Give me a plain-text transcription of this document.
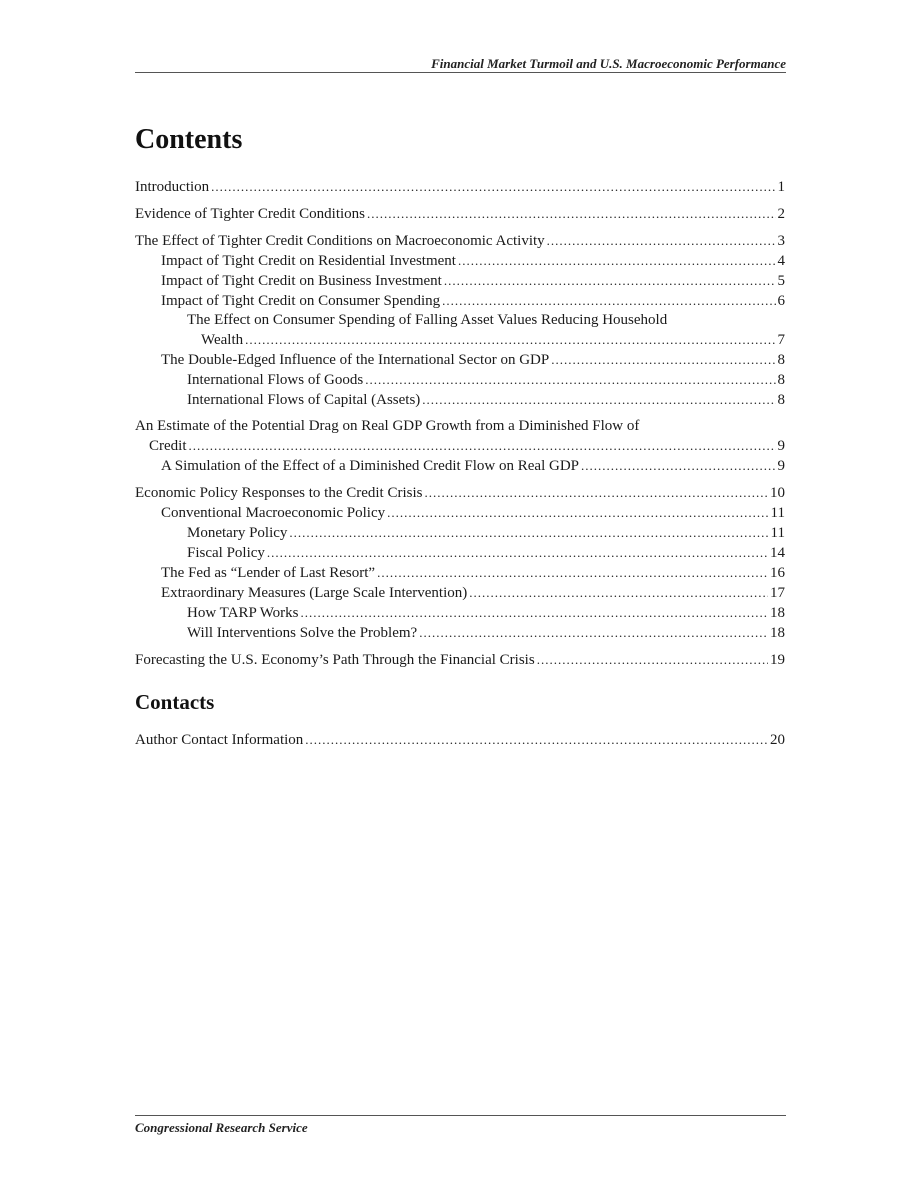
Financial Market Turmoil and U.S. Macroeconomic Performance
Contents
Introduction .....	1
Evidence of Tighter Credit Conditions .....	2
The Effect of Tighter Credit Conditions on Macroeconomic Activity .....	3
Impact of Tight Credit on Residential Investment .....	4
Impact of Tight Credit on Business Investment .....	5
Impact of Tight Credit on Consumer Spending .....	6
The Effect on Consumer Spending of Falling Asset Values Reducing Household
Wealth .....	7
The Double-Edged Influence of the International Sector on GDP .....	8
International Flows of Goods .....	8
International Flows of Capital (Assets) .....	8
An Estimate of the Potential Drag on Real GDP Growth from a Diminished Flow of
Credit .....	9
A Simulation of the Effect of a Diminished Credit Flow on Real GDP .....	9
Economic Policy Responses to the Credit Crisis .....	10
Conventional Macroeconomic Policy .....	11
Monetary Policy .....	11
Fiscal Policy .....	14
The Fed as “Lender of Last Resort” .....	16
Extraordinary Measures (Large Scale Intervention) .....	17
How TARP Works .....	18
Will Interventions Solve the Problem? .....	18
Forecasting the U.S. Economy’s Path Through the Financial Crisis .....	19
Contacts
Author Contact Information .....	20
Congressional Research Service
